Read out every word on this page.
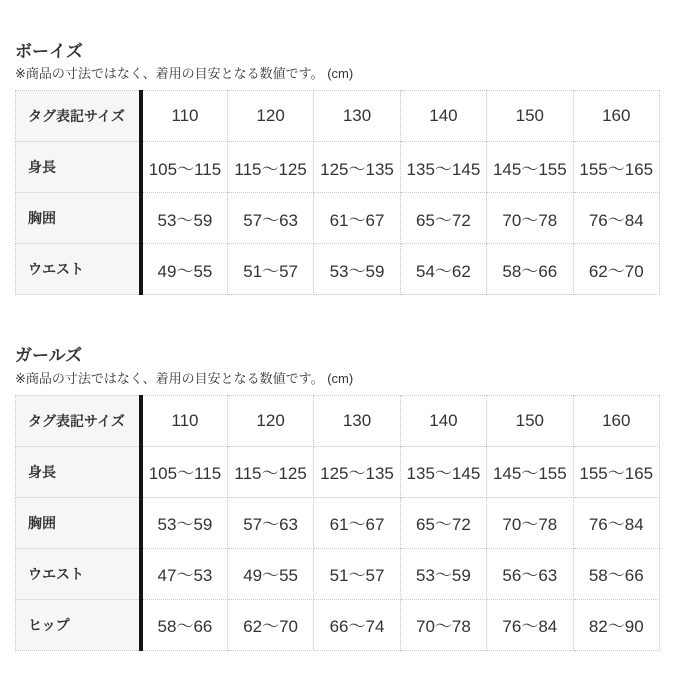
ボーイズ

※商品の寸法ではなく、着用の目安となる数値です。 (cm)

タグ表記サイズ	110	120	130	140	150	160
身長	105〜115	115〜125	125〜135	135〜145	145〜155	155〜165
胸囲	53〜59	57〜63	61〜67	65〜72	70〜78	76〜84
ウエスト	49〜55	51〜57	53〜59	54〜62	58〜66	62〜70
ガールズ

※商品の寸法ではなく、着用の目安となる数値です。 (cm)

タグ表記サイズ	110	120	130	140	150	160
身長	105〜115	115〜125	125〜135	135〜145	145〜155	155〜165
胸囲	53〜59	57〜63	61〜67	65〜72	70〜78	76〜84
ウエスト	47〜53	49〜55	51〜57	53〜59	56〜63	58〜66
ヒップ	58〜66	62〜70	66〜74	70〜78	76〜84	82〜90
